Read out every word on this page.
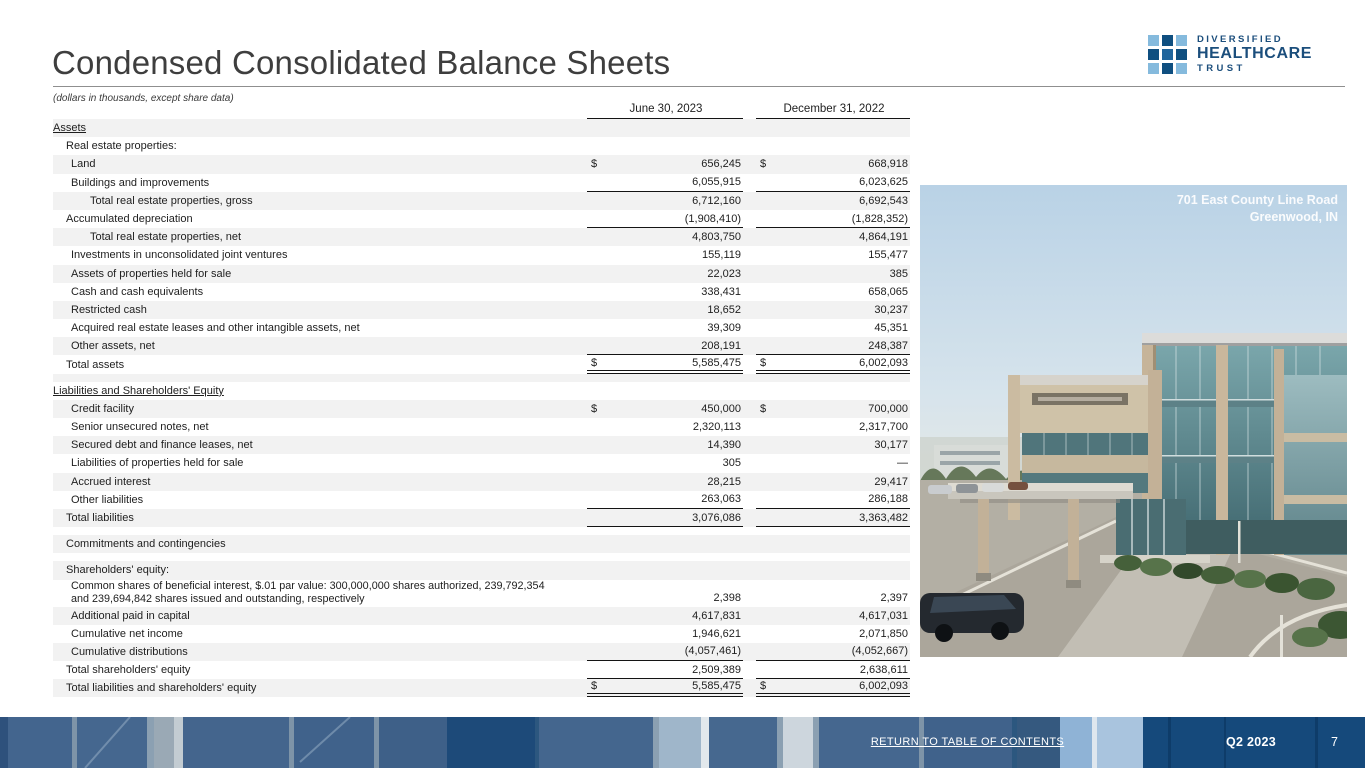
Condensed Consolidated Balance Sheets
(dollars in thousands, except share data)
DIVERSIFIED
HEALTHCARE
TRUST
June 30, 2023	December 31, 2022
Assets
Real estate properties:
Land	$	656,245 $	668,918
Buildings and improvements	6,055,915	6,023,625
Total real estate properties, gross	6,712,160	6,692,543
Accumulated depreciation	(1,908,410)	(1,828,352)
Total real estate properties, net	4,803,750	4,864,191
Investments in unconsolidated joint ventures	155,119	155,477
Assets of properties held for sale	22,023	385
Cash and cash equivalents	338,431	658,065
Restricted cash	18,652	30,237
Acquired real estate leases and other intangible assets, net	39,309	45,351
Other assets, net	208,191	248,387
Total assets	$	5,585,475 $	6,002,093
Liabilities and Shareholders' Equity
Credit facility	$	450,000 $	700,000
Senior unsecured notes, net	2,320,113	2,317,700
Secured debt and finance leases, net	14,390	30,177
Liabilities of properties held for sale	305	—
Accrued interest	28,215	29,417
Other liabilities	263,063	286,188
Total liabilities	3,076,086	3,363,482
Commitments and contingencies
Shareholders' equity:
Common shares of beneficial interest, $.01 par value: 300,000,000 shares authorized, 239,792,354 and 239,694,842 shares issued and outstanding, respectively	2,398	2,397
Additional paid in capital	4,617,831	4,617,031
Cumulative net income	1,946,621	2,071,850
Cumulative distributions	(4,057,461)	(4,052,667)
Total shareholders' equity	2,509,389	2,638,611
Total liabilities and shareholders' equity	$	5,585,475 $	6,002,093
701 East County Line Road
Greenwood, IN
RETURN TO TABLE OF CONTENTS	Q2 2023	7
